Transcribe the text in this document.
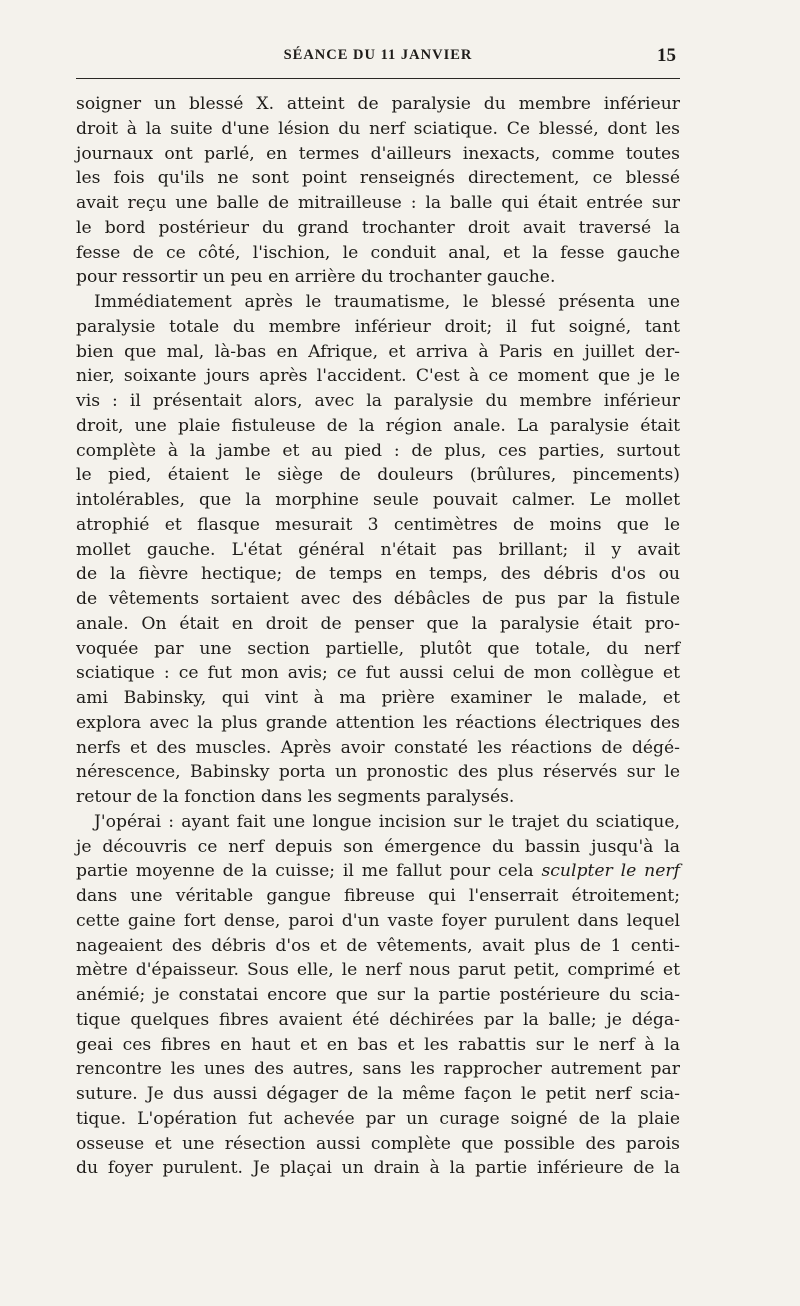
SÉANCE DU 11 JANVIER	15
soigner un blessé X. atteint de paralysie du membre inférieur
droit à la suite d'une lésion du nerf sciatique. Ce blessé, dont les
journaux ont parlé, en termes d'ailleurs inexacts, comme toutes
les fois qu'ils ne sont point renseignés directement, ce blessé
avait reçu une balle de mitrailleuse : la balle qui était entrée sur
le bord postérieur du grand trochanter droit avait traversé la
fesse de ce côté, l'ischion, le conduit anal, et la fesse gauche
pour ressortir un peu en arrière du trochanter gauche.
Immédiatement après le traumatisme, le blessé présenta une
paralysie totale du membre inférieur droit; il fut soigné, tant
bien que mal, là-bas en Afrique, et arriva à Paris en juillet der-
nier, soixante jours après l'accident. C'est à ce moment que je le
vis : il présentait alors, avec la paralysie du membre inférieur
droit, une plaie fistuleuse de la région anale. La paralysie était
complète à la jambe et au pied : de plus, ces parties, surtout
le pied, étaient le siège de douleurs (brûlures, pincements)
intolérables, que la morphine seule pouvait calmer. Le mollet
atrophié et flasque mesurait 3 centimètres de moins que le
mollet gauche. L'état général n'était pas brillant; il y avait
de la fièvre hectique; de temps en temps, des débris d'os ou
de vêtements sortaient avec des débâcles de pus par la fistule
anale. On était en droit de penser que la paralysie était pro-
voquée par une section partielle, plutôt que totale, du nerf
sciatique : ce fut mon avis; ce fut aussi celui de mon collègue et
ami Babinsky, qui vint à ma prière examiner le malade, et
explora avec la plus grande attention les réactions électriques des
nerfs et des muscles. Après avoir constaté les réactions de dégé-
nérescence, Babinsky porta un pronostic des plus réservés sur le
retour de la fonction dans les segments paralysés.
J'opérai : ayant fait une longue incision sur le trajet du sciatique,
je découvris ce nerf depuis son émergence du bassin jusqu'à la
partie moyenne de la cuisse; il me fallut pour cela sculpter le nerf
dans une véritable gangue fibreuse qui l'enserrait étroitement;
cette gaine fort dense, paroi d'un vaste foyer purulent dans lequel
nageaient des débris d'os et de vêtements, avait plus de 1 centi-
mètre d'épaisseur. Sous elle, le nerf nous parut petit, comprimé et
anémié; je constatai encore que sur la partie postérieure du scia-
tique quelques fibres avaient été déchirées par la balle; je déga-
geai ces fibres en haut et en bas et les rabattis sur le nerf à la
rencontre les unes des autres, sans les rapprocher autrement par
suture. Je dus aussi dégager de la même façon le petit nerf scia-
tique. L'opération fut achevée par un curage soigné de la plaie
osseuse et une résection aussi complète que possible des parois
du foyer purulent. Je plaçai un drain à la partie inférieure de la
